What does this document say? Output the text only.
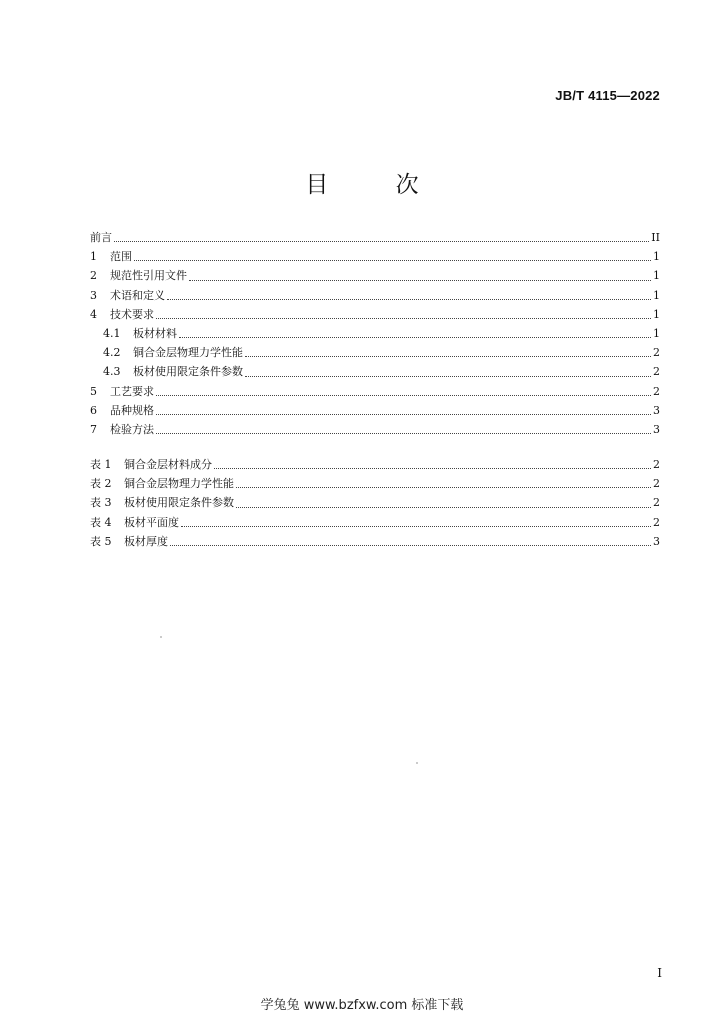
JB/T 4115—2022
目 次
前言	II
1	范围	1
2	规范性引用文件	1
3	术语和定义	1
4	技术要求	1
4.1	板材材料	1
4.2	铜合金层物理力学性能	2
4.3	板材使用限定条件参数	2
5	工艺要求	2
6	品种规格	3
7	检验方法	3
表 1	铜合金层材料成分	2
表 2	铜合金层物理力学性能	2
表 3	板材使用限定条件参数	2
表 4	板材平面度	2
表 5	板材厚度	3
I
学兔兔 www.bzfxw.com 标准下载
